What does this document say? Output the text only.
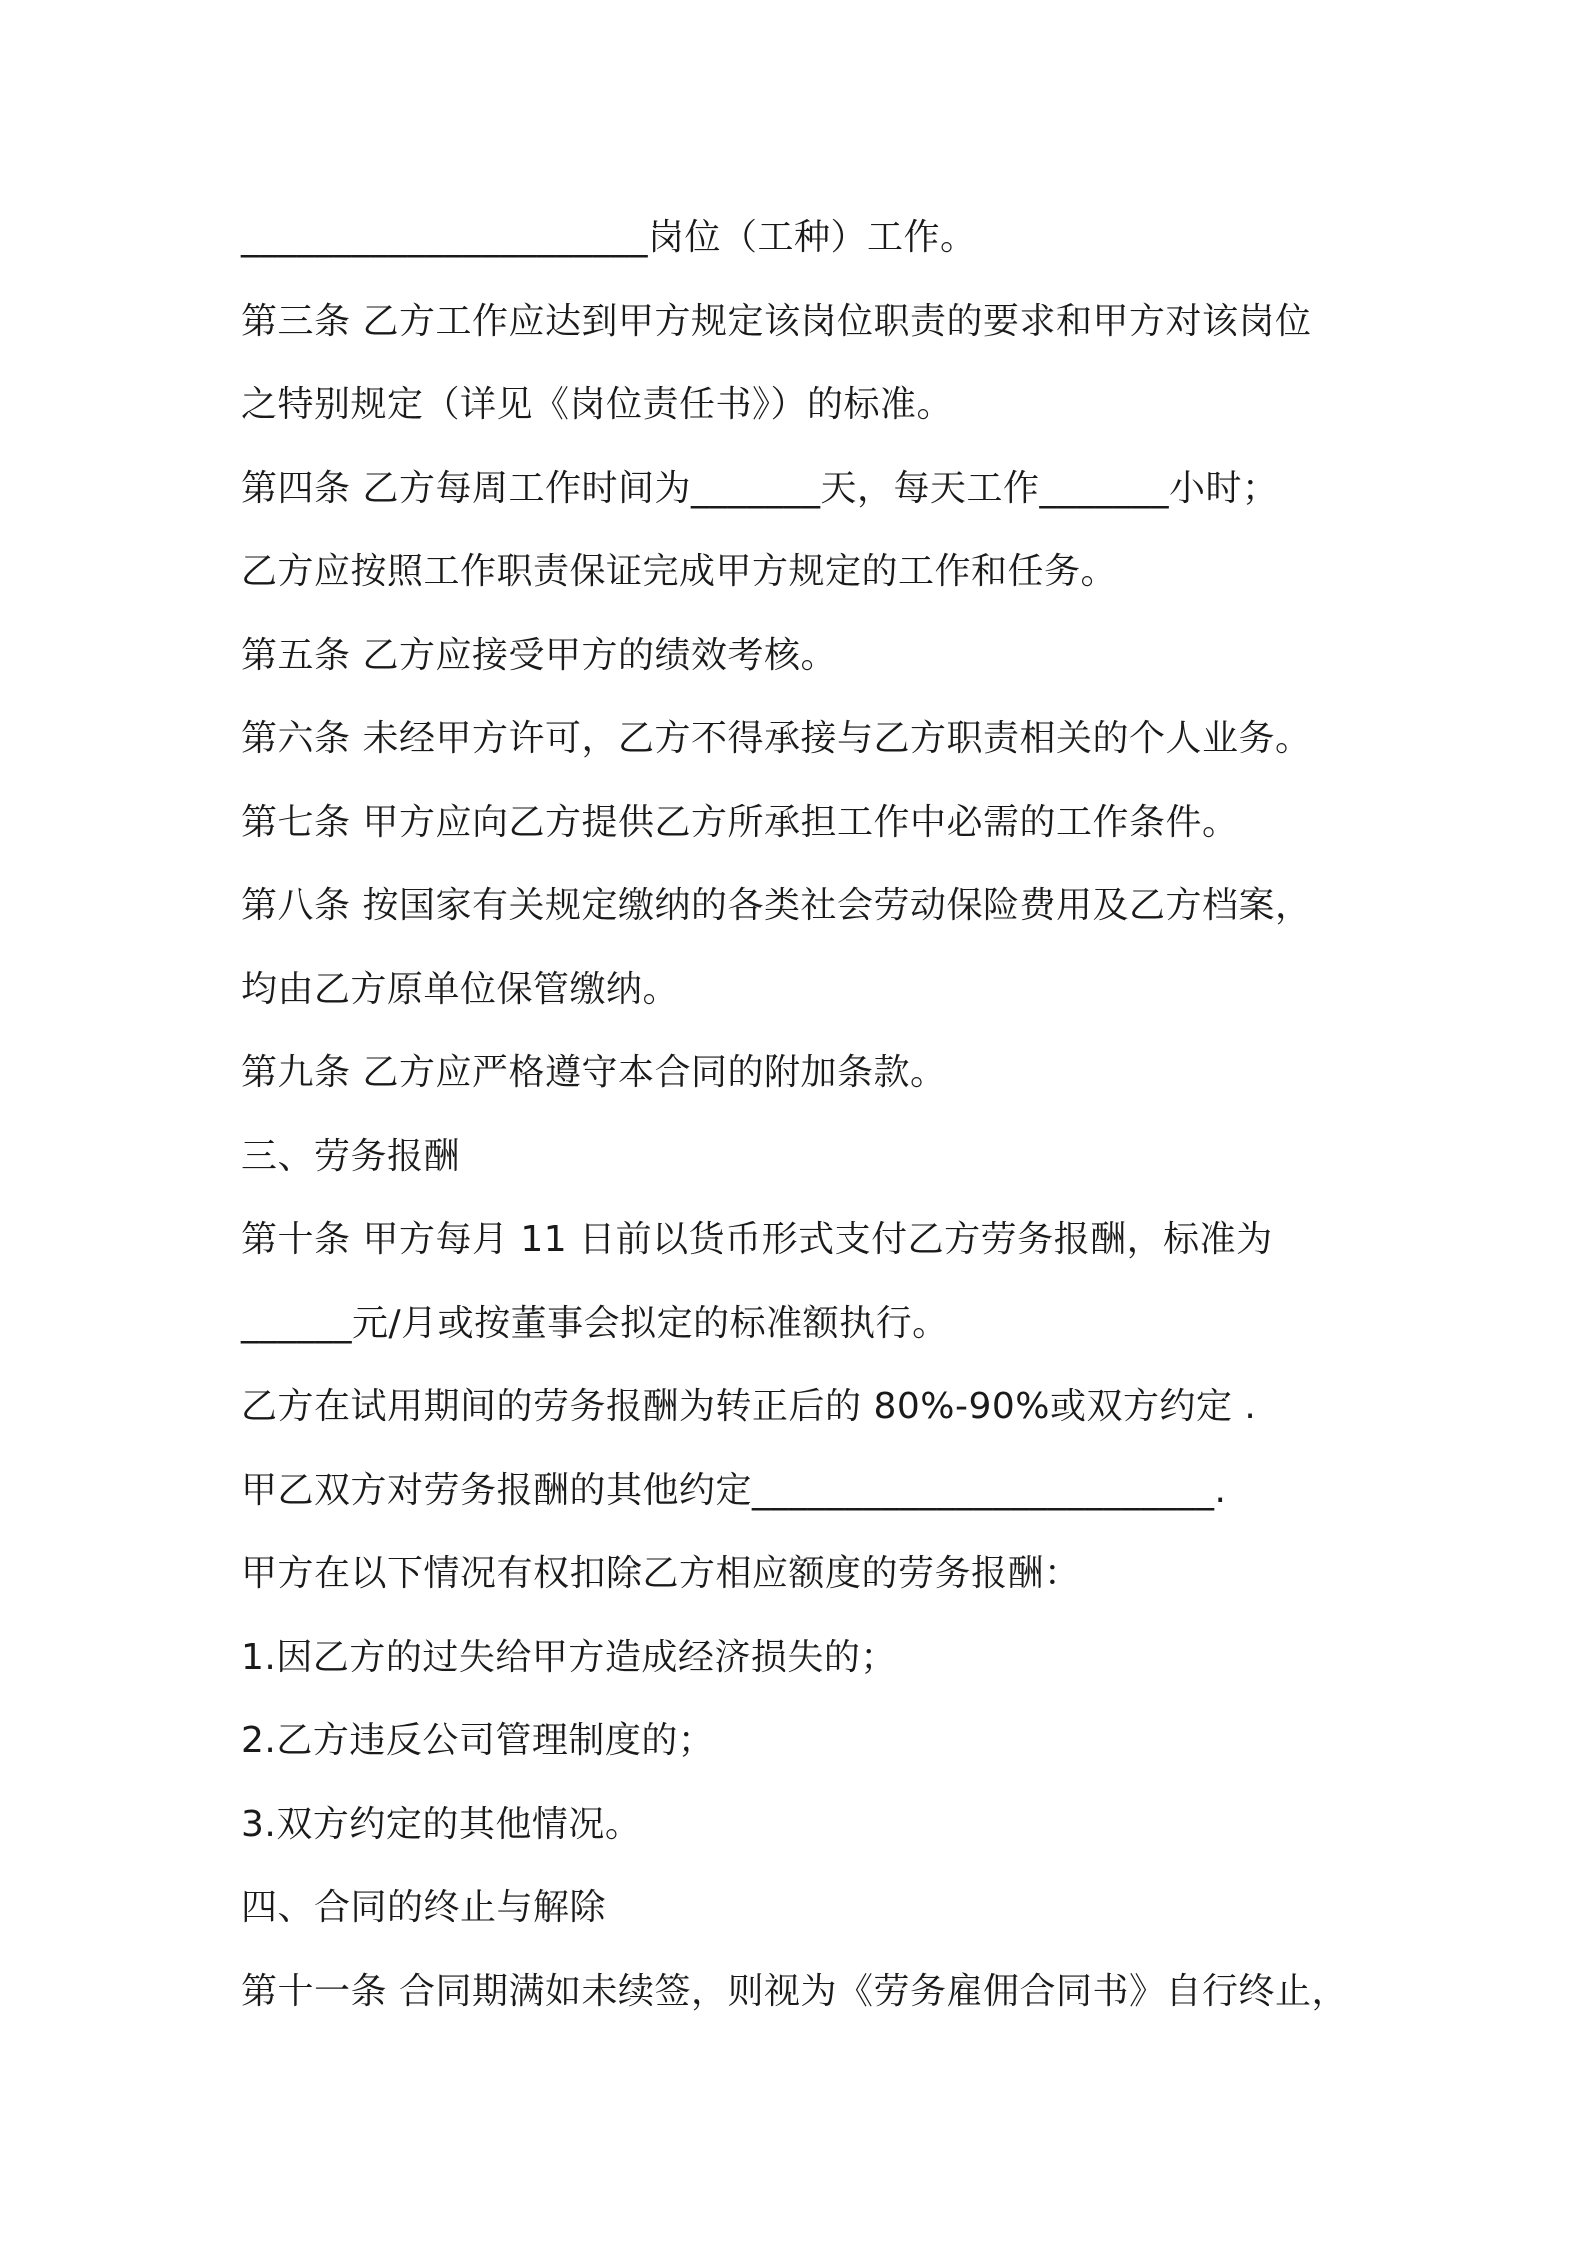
______________________岗位（工种）工作。
第三条 乙方工作应达到甲方规定该岗位职责的要求和甲方对该岗位
之特别规定（详见《岗位责任书》）的标准。
第四条 乙方每周工作时间为_______天，每天工作_______小时；
乙方应按照工作职责保证完成甲方规定的工作和任务。
第五条 乙方应接受甲方的绩效考核。
第六条 未经甲方许可，乙方不得承接与乙方职责相关的个人业务。
第七条 甲方应向乙方提供乙方所承担工作中必需的工作条件。
第八条 按国家有关规定缴纳的各类社会劳动保险费用及乙方档案，
均由乙方原单位保管缴纳。
第九条 乙方应严格遵守本合同的附加条款。
三、劳务报酬
第十条 甲方每月 11 日前以货币形式支付乙方劳务报酬，标准为
______元/月或按董事会拟定的标准额执行。
乙方在试用期间的劳务报酬为转正后的 80%-90%或双方约定 .
甲乙双方对劳务报酬的其他约定_________________________.
甲方在以下情况有权扣除乙方相应额度的劳务报酬：
1.因乙方的过失给甲方造成经济损失的；
2.乙方违反公司管理制度的；
3.双方约定的其他情况。
四、合同的终止与解除
第十一条 合同期满如未续签，则视为《劳务雇佣合同书》自行终止，
